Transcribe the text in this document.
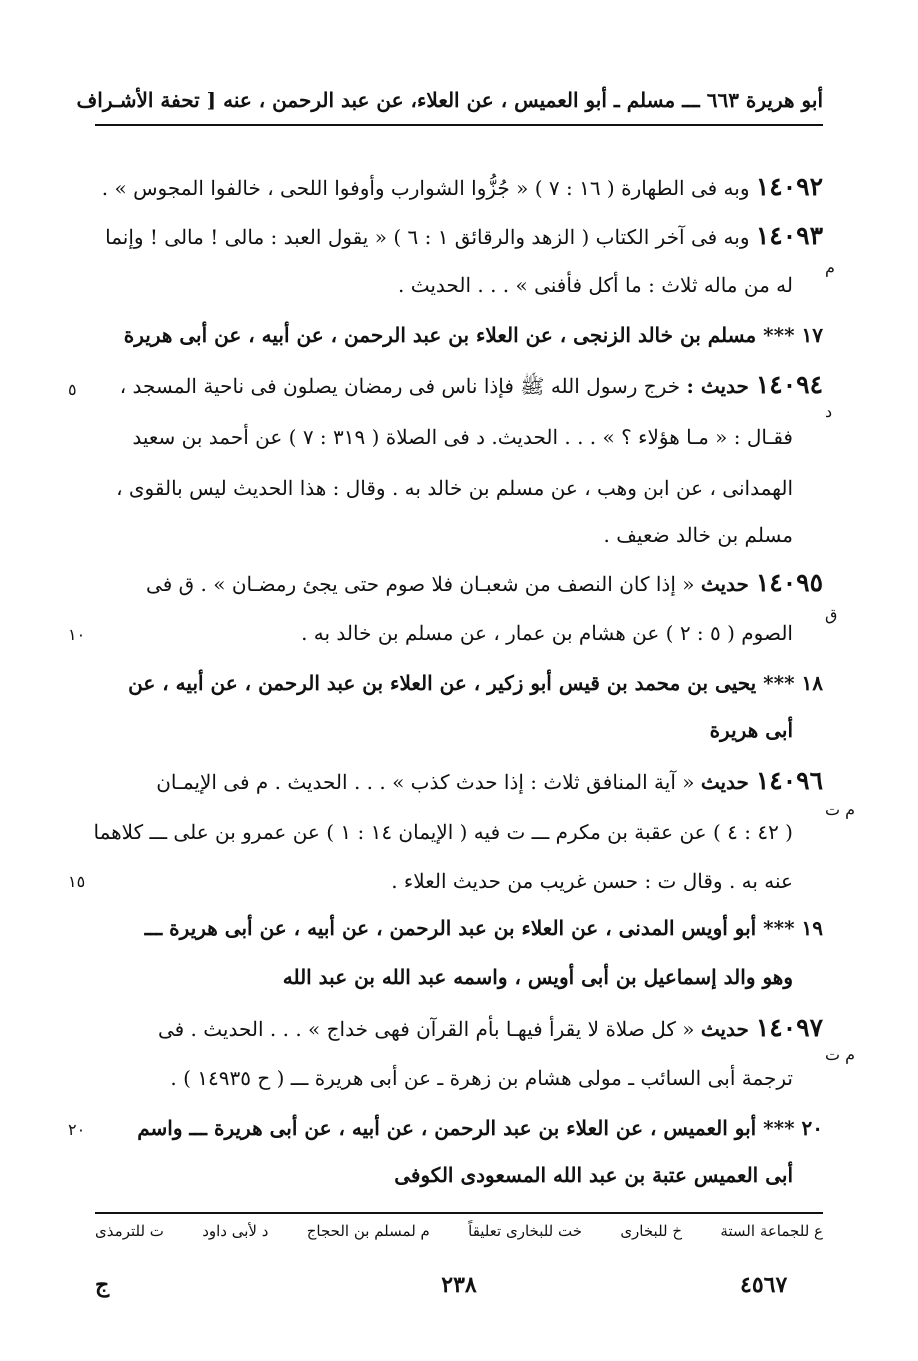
أبو هريرة ٦٦٣ ـــ مسلم ـ أبو العميس ، عن العلاء، عن عبد الرحمن ، عنه [ تحفة الأشـراف
١٤٠٩٢ وبه فى الطهارة ( ١٦ : ٧ ) « جُزُّوا الشوارب وأوفوا اللحى ، خالفوا المجوس » .
١٤٠٩٣ وبه فى آخر الكتاب ( الزهد والرقائق ١ : ٦ ) « يقول العبد : مالى ! مالى ! وإنما
له من ماله ثلاث : ما أكل فأفنى » . . . الحديث .
١٧ *** مسلم بن خالد الزنجى ، عن العلاء بن عبد الرحمن ، عن أبيه ، عن أبى هريرة
١٤٠٩٤ حديث : خرج رسول الله ﷺ فإذا ناس فى رمضان يصلون فى ناحية المسجد ،
فقـال : « مـا هؤلاء ؟ » . . . الحديث. د فى الصلاة ( ٣١٩ : ٧ ) عن أحمد بن سعيد
الهمدانى ، عن ابن وهب ، عن مسلم بن خالد به . وقال : هذا الحديث ليس بالقوى ،
مسلم بن خالد ضعيف .
١٤٠٩٥ حديث « إذا كان النصف من شعبـان فلا صوم حتى يجئ رمضـان » . ق فى
الصوم ( ٥ : ٢ ) عن هشام بن عمار ، عن مسلم بن خالد به .
١٨ *** يحيى بن محمد بن قيس أبو زكير ، عن العلاء بن عبد الرحمن ، عن أبيه ، عن
أبى هريرة
١٤٠٩٦ حديث « آية المنافق ثلاث : إذا حدث كذب » . . . الحديث . م فى الإيمـان
( ٤٢ : ٤ ) عن عقبة بن مكرم ـــ ت فيه ( الإيمان ١٤ : ١ ) عن عمرو بن على ـــ كلاهما
عنه به . وقال ت : حسن غريب من حديث العلاء .
١٩ *** أبو أويس المدنى ، عن العلاء بن عبد الرحمن ، عن أبيه ، عن أبى هريرة ـــ
وهو والد إسماعيل بن أبى أويس ، واسمه عبد الله بن عبد الله
١٤٠٩٧ حديث « كل صلاة لا يقرأ فيهـا بأم القرآن فهى خداج » . . . الحديث . فى
ترجمة أبى السائب ـ مولى هشام بن زهرة ـ عن أبى هريرة ـــ ( ح ١٤٩٣٥ ) .
٢٠ *** أبو العميس ، عن العلاء بن عبد الرحمن ، عن أبيه ، عن أبى هريرة ـــ واسم
أبى العميس عتبة بن عبد الله المسعودى الكوفى
م
د
ق
م ت
م ت
٥
١٠
١٥
٢٠
ع للجماعة الستة
خ للبخارى
خت للبخارى تعليقاً
م لمسلم بن الحجاج
د لأبى داود
ت للترمذى
٤٥٦٧
٢٣٨
ج
